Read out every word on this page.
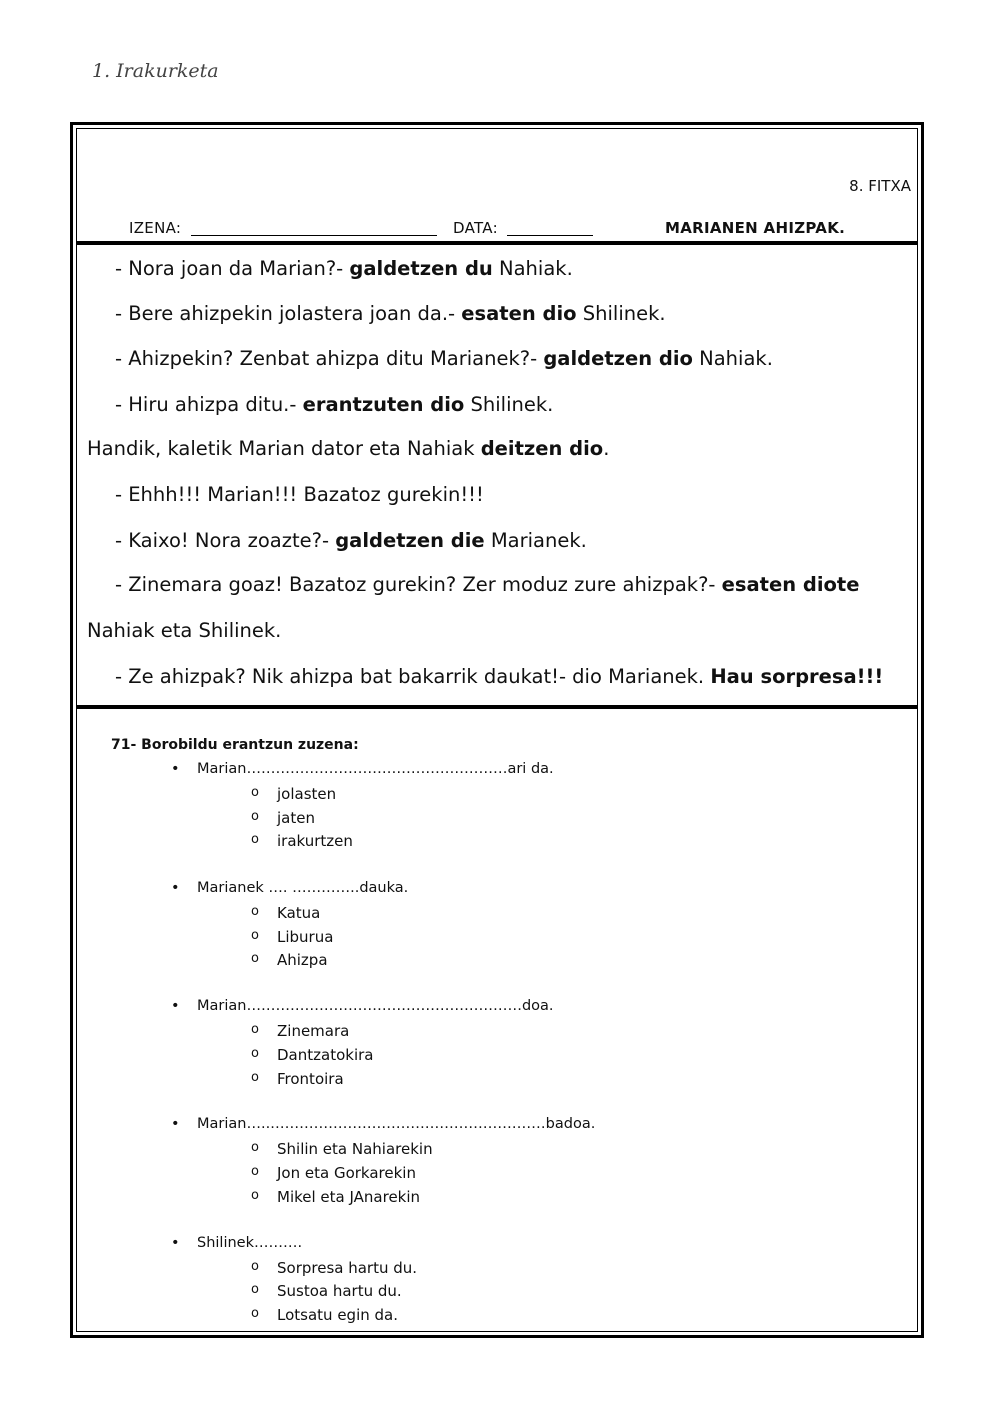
1. Irakurketa
8. FITXA
IZENA:	DATA:	MARIANEN AHIZPAK.
- Nora joan da Marian?- galdetzen du Nahiak.
- Bere ahizpekin jolastera joan da.- esaten dio Shilinek.
- Ahizpekin? Zenbat ahizpa ditu Marianek?- galdetzen dio Nahiak.
- Hiru ahizpa ditu.- erantzuten dio Shilinek.
Handik, kaletik Marian dator eta Nahiak deitzen dio.
- Ehhh!!! Marian!!! Bazatoz gurekin!!!
- Kaixo! Nora zoazte?- galdetzen die Marianek.
- Zinemara goaz! Bazatoz gurekin? Zer moduz zure ahizpak?- esaten diote
Nahiak eta Shilinek.
- Ze ahizpak? Nik ahizpa bat bakarrik daukat!- dio Marianek. Hau sorpresa!!!
71- Borobildu erantzun zuzena:
• Marian………………………………………………ari da.
o jolasten
o jaten
o irakurtzen
• Marianek …. …………..dauka.
o Katua
o Liburua
o Ahizpa
• Marian…………………………………………………doa.
o Zinemara
o Dantzatokira
o Frontoira
• Marian…..…………………………………………………badoa.
o Shilin eta Nahiarekin
o Jon eta Gorkarekin
o Mikel eta JAnarekin
• Shilinek……….
o Sorpresa hartu du.
o Sustoa hartu du.
o Lotsatu egin da.
